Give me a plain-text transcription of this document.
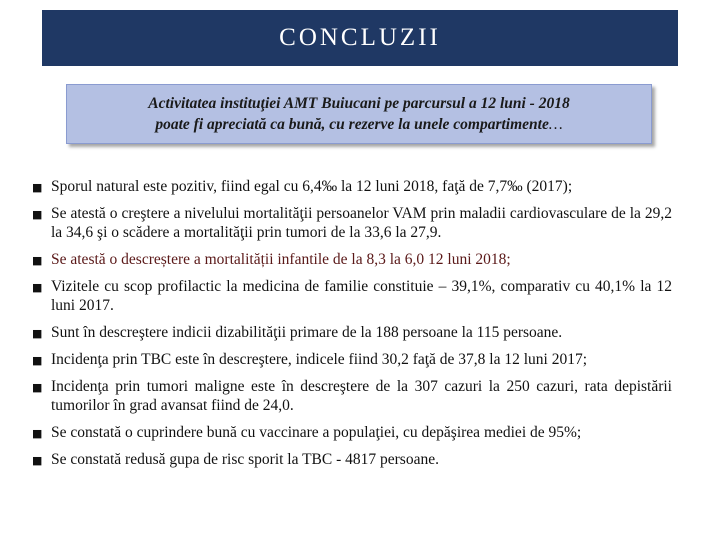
CONCLUZII
Activitatea instituţiei AMT Buiucani pe parcursul a 12 luni - 2018
poate fi apreciată ca bună, cu rezerve la unele compartimente…
■ Sporul natural este pozitiv, fiind egal cu 6,4‰ la 12 luni 2018, faţă de 7,7‰ (2017);
■ Se atestă o creştere a nivelului mortalităţii persoanelor VAM prin maladii cardiovasculare de la 29,2 la 34,6 şi o scădere a mortalităţii prin tumori de la 33,6 la 27,9.
■ Se atestă o descreștere a mortalității infantile de la 8,3 la 6,0 12 luni 2018;
■ Vizitele cu scop profilactic la medicina de familie constituie – 39,1%, comparativ cu 40,1% la 12 luni 2017.
■ Sunt în descreştere indicii dizabilităţii primare de la 188 persoane la 115 persoane.
■ Incidenţa prin TBC este în descreştere, indicele fiind 30,2 faţă de 37,8 la 12 luni 2017;
■ Incidenţa prin tumori maligne este în descreştere de la 307 cazuri la 250 cazuri, rata depistării tumorilor în grad avansat fiind de 24,0.
■ Se constată o cuprindere bună cu vaccinare a populaţiei, cu depăşirea mediei de 95%;
■ Se constată redusă gupa de risc sporit la TBC - 4817 persoane.
